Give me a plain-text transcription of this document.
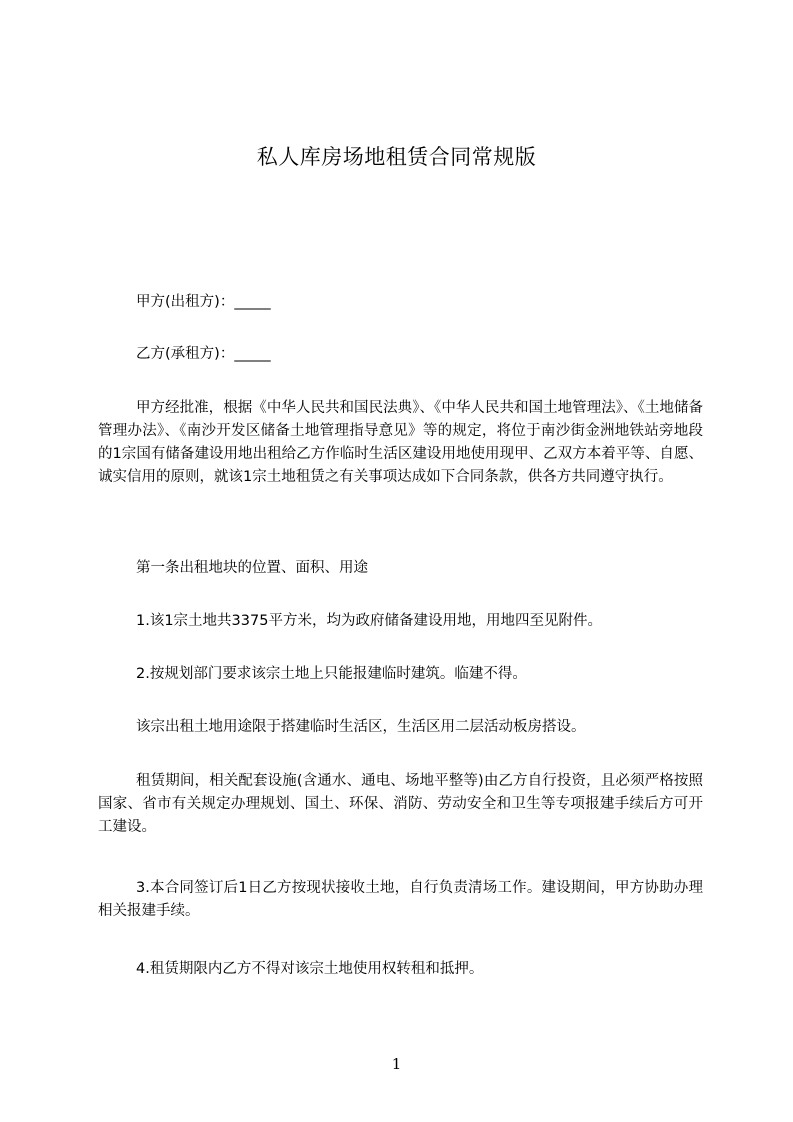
私人库房场地租赁合同常规版

甲方(出租方)：_____

乙方(承租方)：_____

甲方经批准，根据《中华人民共和国民法典》、《中华人民共和国土地管理法》、《土地储备管理办法》、《南沙开发区储备土地管理指导意见》等的规定，将位于南沙街金洲地铁站旁地段的1宗国有储备建设用地出租给乙方作临时生活区建设用地使用现甲、乙双方本着平等、自愿、诚实信用的原则，就该1宗土地租赁之有关事项达成如下合同条款，供各方共同遵守执行。

第一条出租地块的位置、面积、用途

1.该1宗土地共3375平方米，均为政府储备建设用地，用地四至见附件。

2.按规划部门要求该宗土地上只能报建临时建筑。临建不得。

该宗出租土地用途限于搭建临时生活区，生活区用二层活动板房搭设。

租赁期间，相关配套设施(含通水、通电、场地平整等)由乙方自行投资，且必须严格按照国家、省市有关规定办理规划、国土、环保、消防、劳动安全和卫生等专项报建手续后方可开工建设。

3.本合同签订后1日乙方按现状接收土地，自行负责清场工作。建设期间，甲方协助办理相关报建手续。

4.租赁期限内乙方不得对该宗土地使用权转租和抵押。

1
